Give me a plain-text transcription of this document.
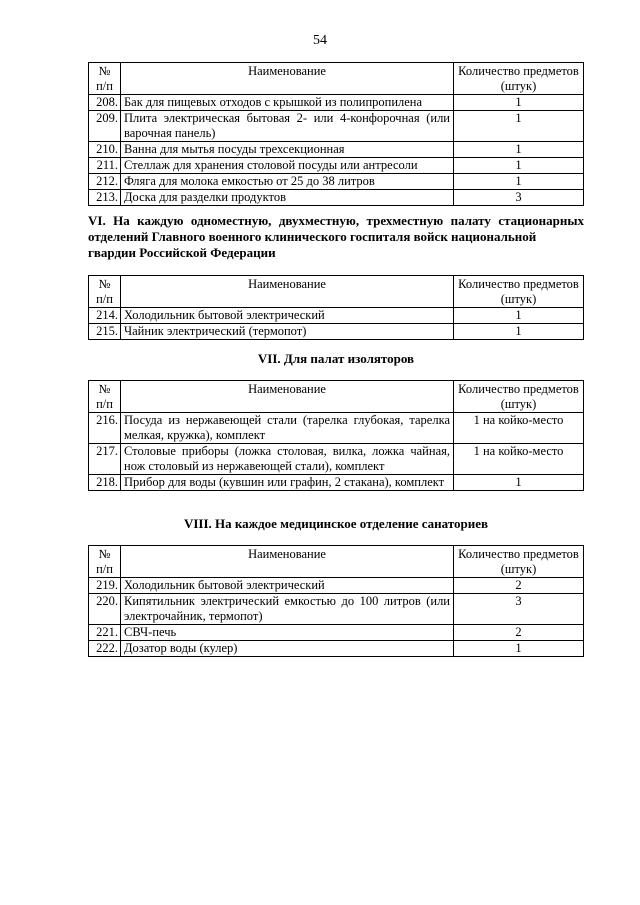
54
№ п/п	Наименование	Количество предметов (штук)
208.	Бак для пищевых отходов с крышкой из полипропилена	1
209.	Плита электрическая бытовая 2- или 4-конфорочная (или варочная панель)	1
210.	Ванна для мытья посуды трехсекционная	1
211.	Стеллаж для хранения столовой посуды или антресоли	1
212.	Фляга для молока емкостью от 25 до 38 литров	1
213.	Доска для разделки продуктов	3
VI. На каждую одноместную, двухместную, трехместную палату стационарных отделений Главного военного клинического госпиталя войск национальной
гвардии Российской Федерации
№ п/п	Наименование	Количество предметов (штук)
214.	Холодильник бытовой электрический	1
215.	Чайник электрический (термопот)	1
VII. Для палат изоляторов
№ п/п	Наименование	Количество предметов (штук)
216.	Посуда из нержавеющей стали (тарелка глубокая, тарелка мелкая, кружка), комплект	1 на койко-место
217.	Столовые приборы (ложка столовая, вилка, ложка чайная, нож столовый из нержавеющей стали), комплект	1 на койко-место
218.	Прибор для воды (кувшин или графин, 2 стакана), комплект	1
VIII. На каждое медицинское отделение санаториев
№ п/п	Наименование	Количество предметов (штук)
219.	Холодильник бытовой электрический	2
220.	Кипятильник электрический емкостью до 100 литров (или электрочайник, термопот)	3
221.	СВЧ-печь	2
222.	Дозатор воды (кулер)	1
